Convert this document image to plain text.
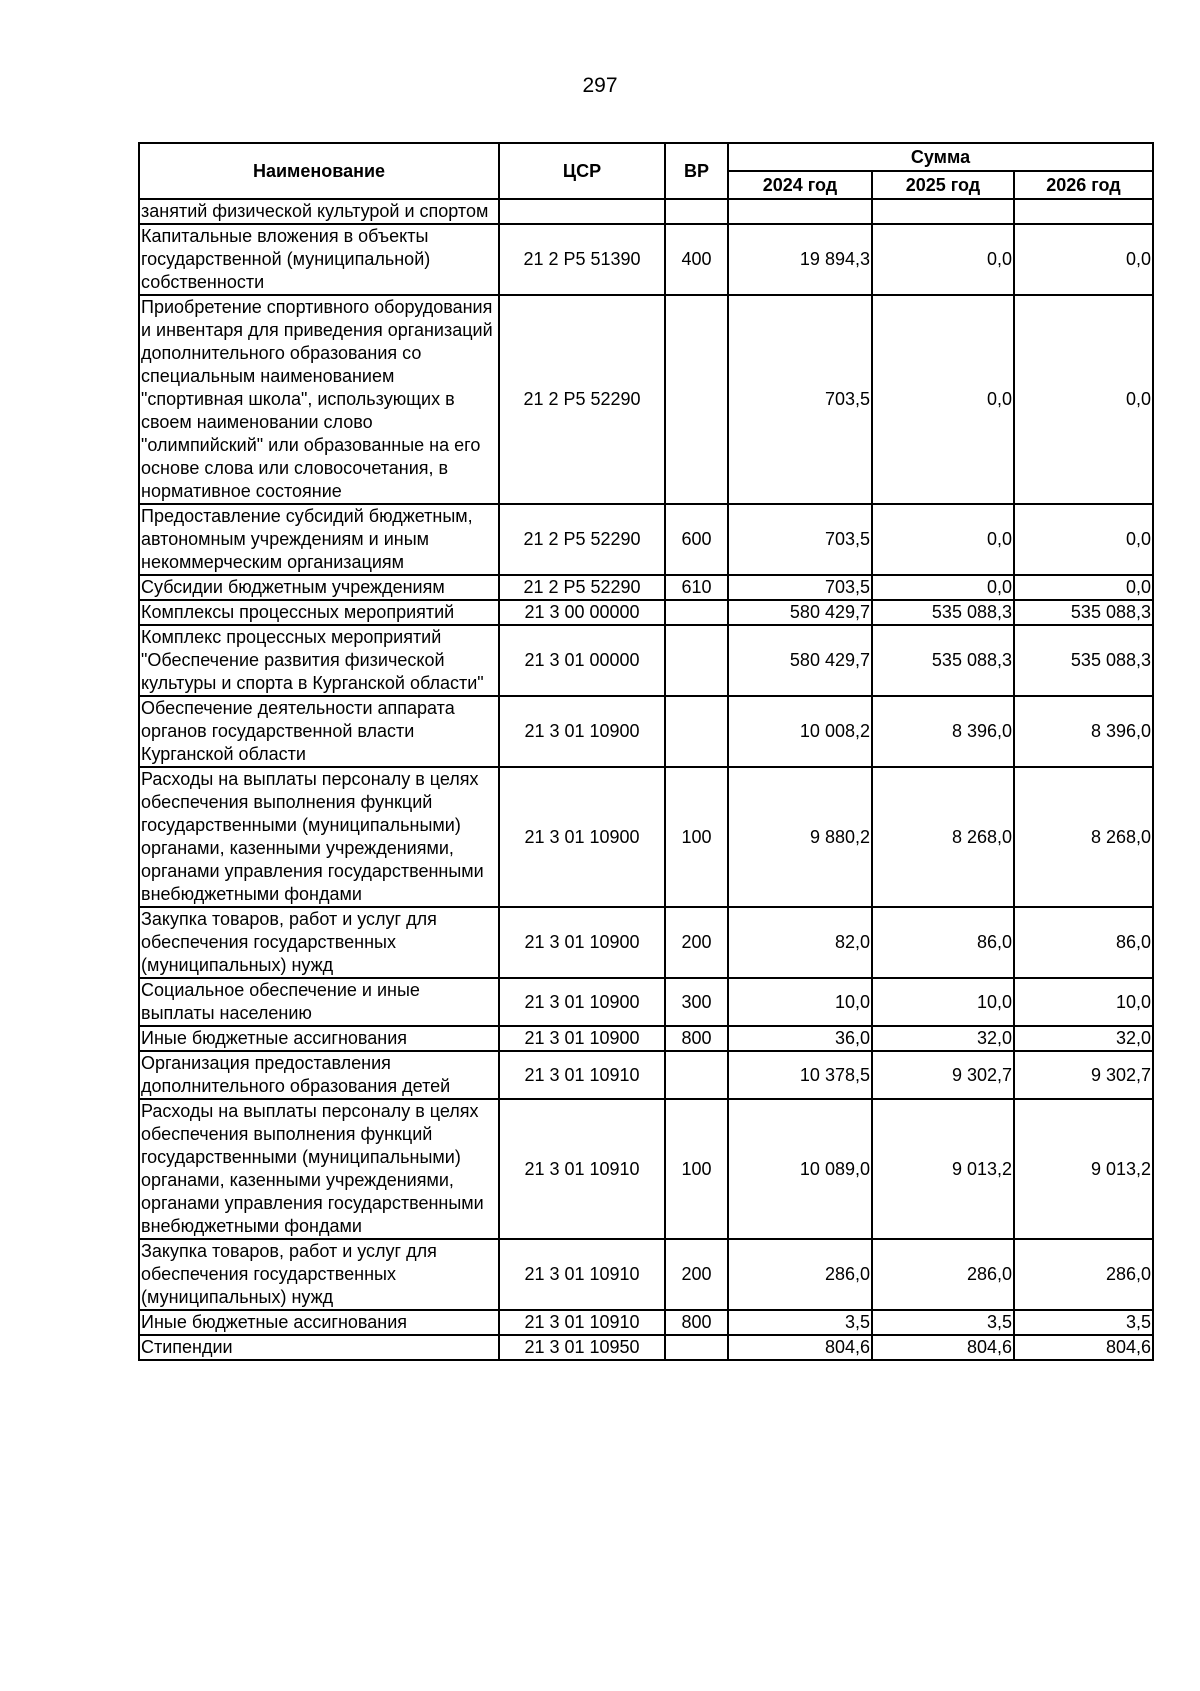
297
Наименование	ЦСР	ВР	Сумма		
			2024 год	2025 год	2026 год
занятий физической культурой и спортом					
Капитальные вложения в объекты государственной (муниципальной) собственности	21 2 P5 51390	400	19 894,3	0,0	0,0
Приобретение спортивного оборудования и инвентаря для приведения организаций дополнительного образования со специальным наименованием "спортивная школа", использующих в своем наименовании слово "олимпийский" или образованные на его основе слова или словосочетания, в нормативное состояние	21 2 P5 52290		703,5	0,0	0,0
Предоставление субсидий бюджетным, автономным учреждениям и иным некоммерческим организациям	21 2 P5 52290	600	703,5	0,0	0,0
Субсидии бюджетным учреждениям	21 2 P5 52290	610	703,5	0,0	0,0
Комплексы процессных мероприятий	21 3 00 00000		580 429,7	535 088,3	535 088,3
Комплекс процессных мероприятий "Обеспечение развития физической культуры и спорта в Курганской области"	21 3 01 00000		580 429,7	535 088,3	535 088,3
Обеспечение деятельности аппарата органов государственной власти Курганской области	21 3 01 10900		10 008,2	8 396,0	8 396,0
Расходы на выплаты персоналу в целях обеспечения выполнения функций государственными (муниципальными) органами, казенными учреждениями, органами управления государственными внебюджетными фондами	21 3 01 10900	100	9 880,2	8 268,0	8 268,0
Закупка товаров, работ и услуг для обеспечения государственных (муниципальных) нужд	21 3 01 10900	200	82,0	86,0	86,0
Социальное обеспечение и иные выплаты населению	21 3 01 10900	300	10,0	10,0	10,0
Иные бюджетные ассигнования	21 3 01 10900	800	36,0	32,0	32,0
Организация предоставления дополнительного образования детей	21 3 01 10910		10 378,5	9 302,7	9 302,7
Расходы на выплаты персоналу в целях обеспечения выполнения функций государственными (муниципальными) органами, казенными учреждениями, органами управления государственными внебюджетными фондами	21 3 01 10910	100	10 089,0	9 013,2	9 013,2
Закупка товаров, работ и услуг для обеспечения государственных (муниципальных) нужд	21 3 01 10910	200	286,0	286,0	286,0
Иные бюджетные ассигнования	21 3 01 10910	800	3,5	3,5	3,5
Стипендии	21 3 01 10950		804,6	804,6	804,6
